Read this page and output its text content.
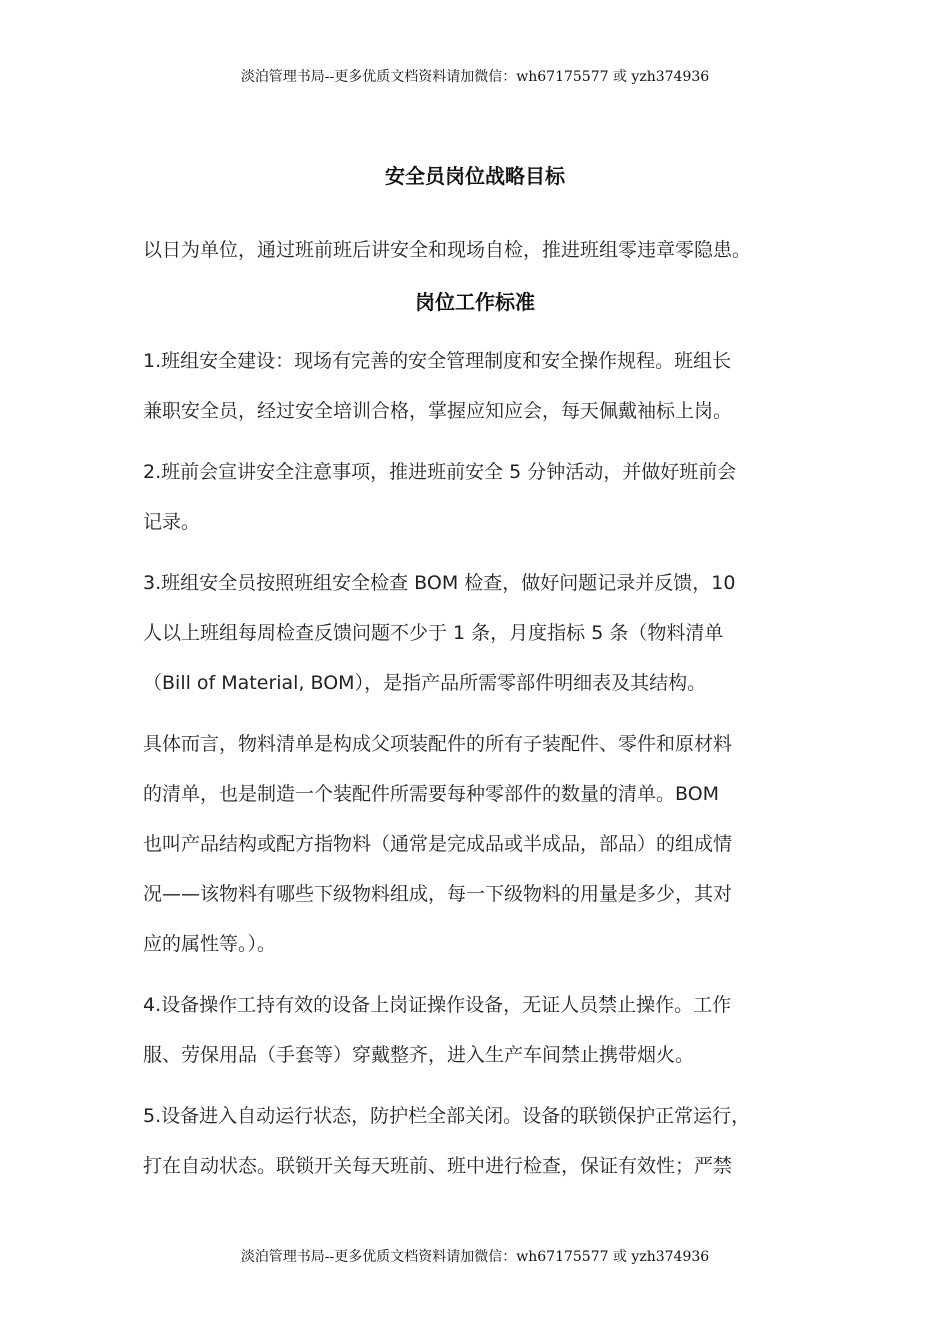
淡泊管理书局--更多优质文档资料请加微信：wh67175577 或 yzh374936
安全员岗位战略目标

以日为单位，通过班前班后讲安全和现场自检，推进班组零违章零隐患。

岗位工作标准

1.班组安全建设：现场有完善的安全管理制度和安全操作规程。班组长
兼职安全员，经过安全培训合格，掌握应知应会，每天佩戴袖标上岗。

2.班前会宣讲安全注意事项，推进班前安全 5 分钟活动，并做好班前会
记录。

3.班组安全员按照班组安全检查 BOM 检查，做好问题记录并反馈，10
人以上班组每周检查反馈问题不少于 1 条，月度指标 5 条（物料清单
（Bill of Material, BOM），是指产品所需零部件明细表及其结构。

具体而言，物料清单是构成父项装配件的所有子装配件、零件和原材料
的清单，也是制造一个装配件所需要每种零部件的数量的清单。BOM
也叫产品结构或配方指物料（通常是完成品或半成品，部品）的组成情
况——该物料有哪些下级物料组成，每一下级物料的用量是多少，其对
应的属性等。）。

4.设备操作工持有效的设备上岗证操作设备，无证人员禁止操作。工作
服、劳保用品（手套等）穿戴整齐，进入生产车间禁止携带烟火。

5.设备进入自动运行状态，防护栏全部关闭。设备的联锁保护正常运行，
打在自动状态。联锁开关每天班前、班中进行检查，保证有效性；严禁

淡泊管理书局--更多优质文档资料请加微信：wh67175577 或 yzh374936
